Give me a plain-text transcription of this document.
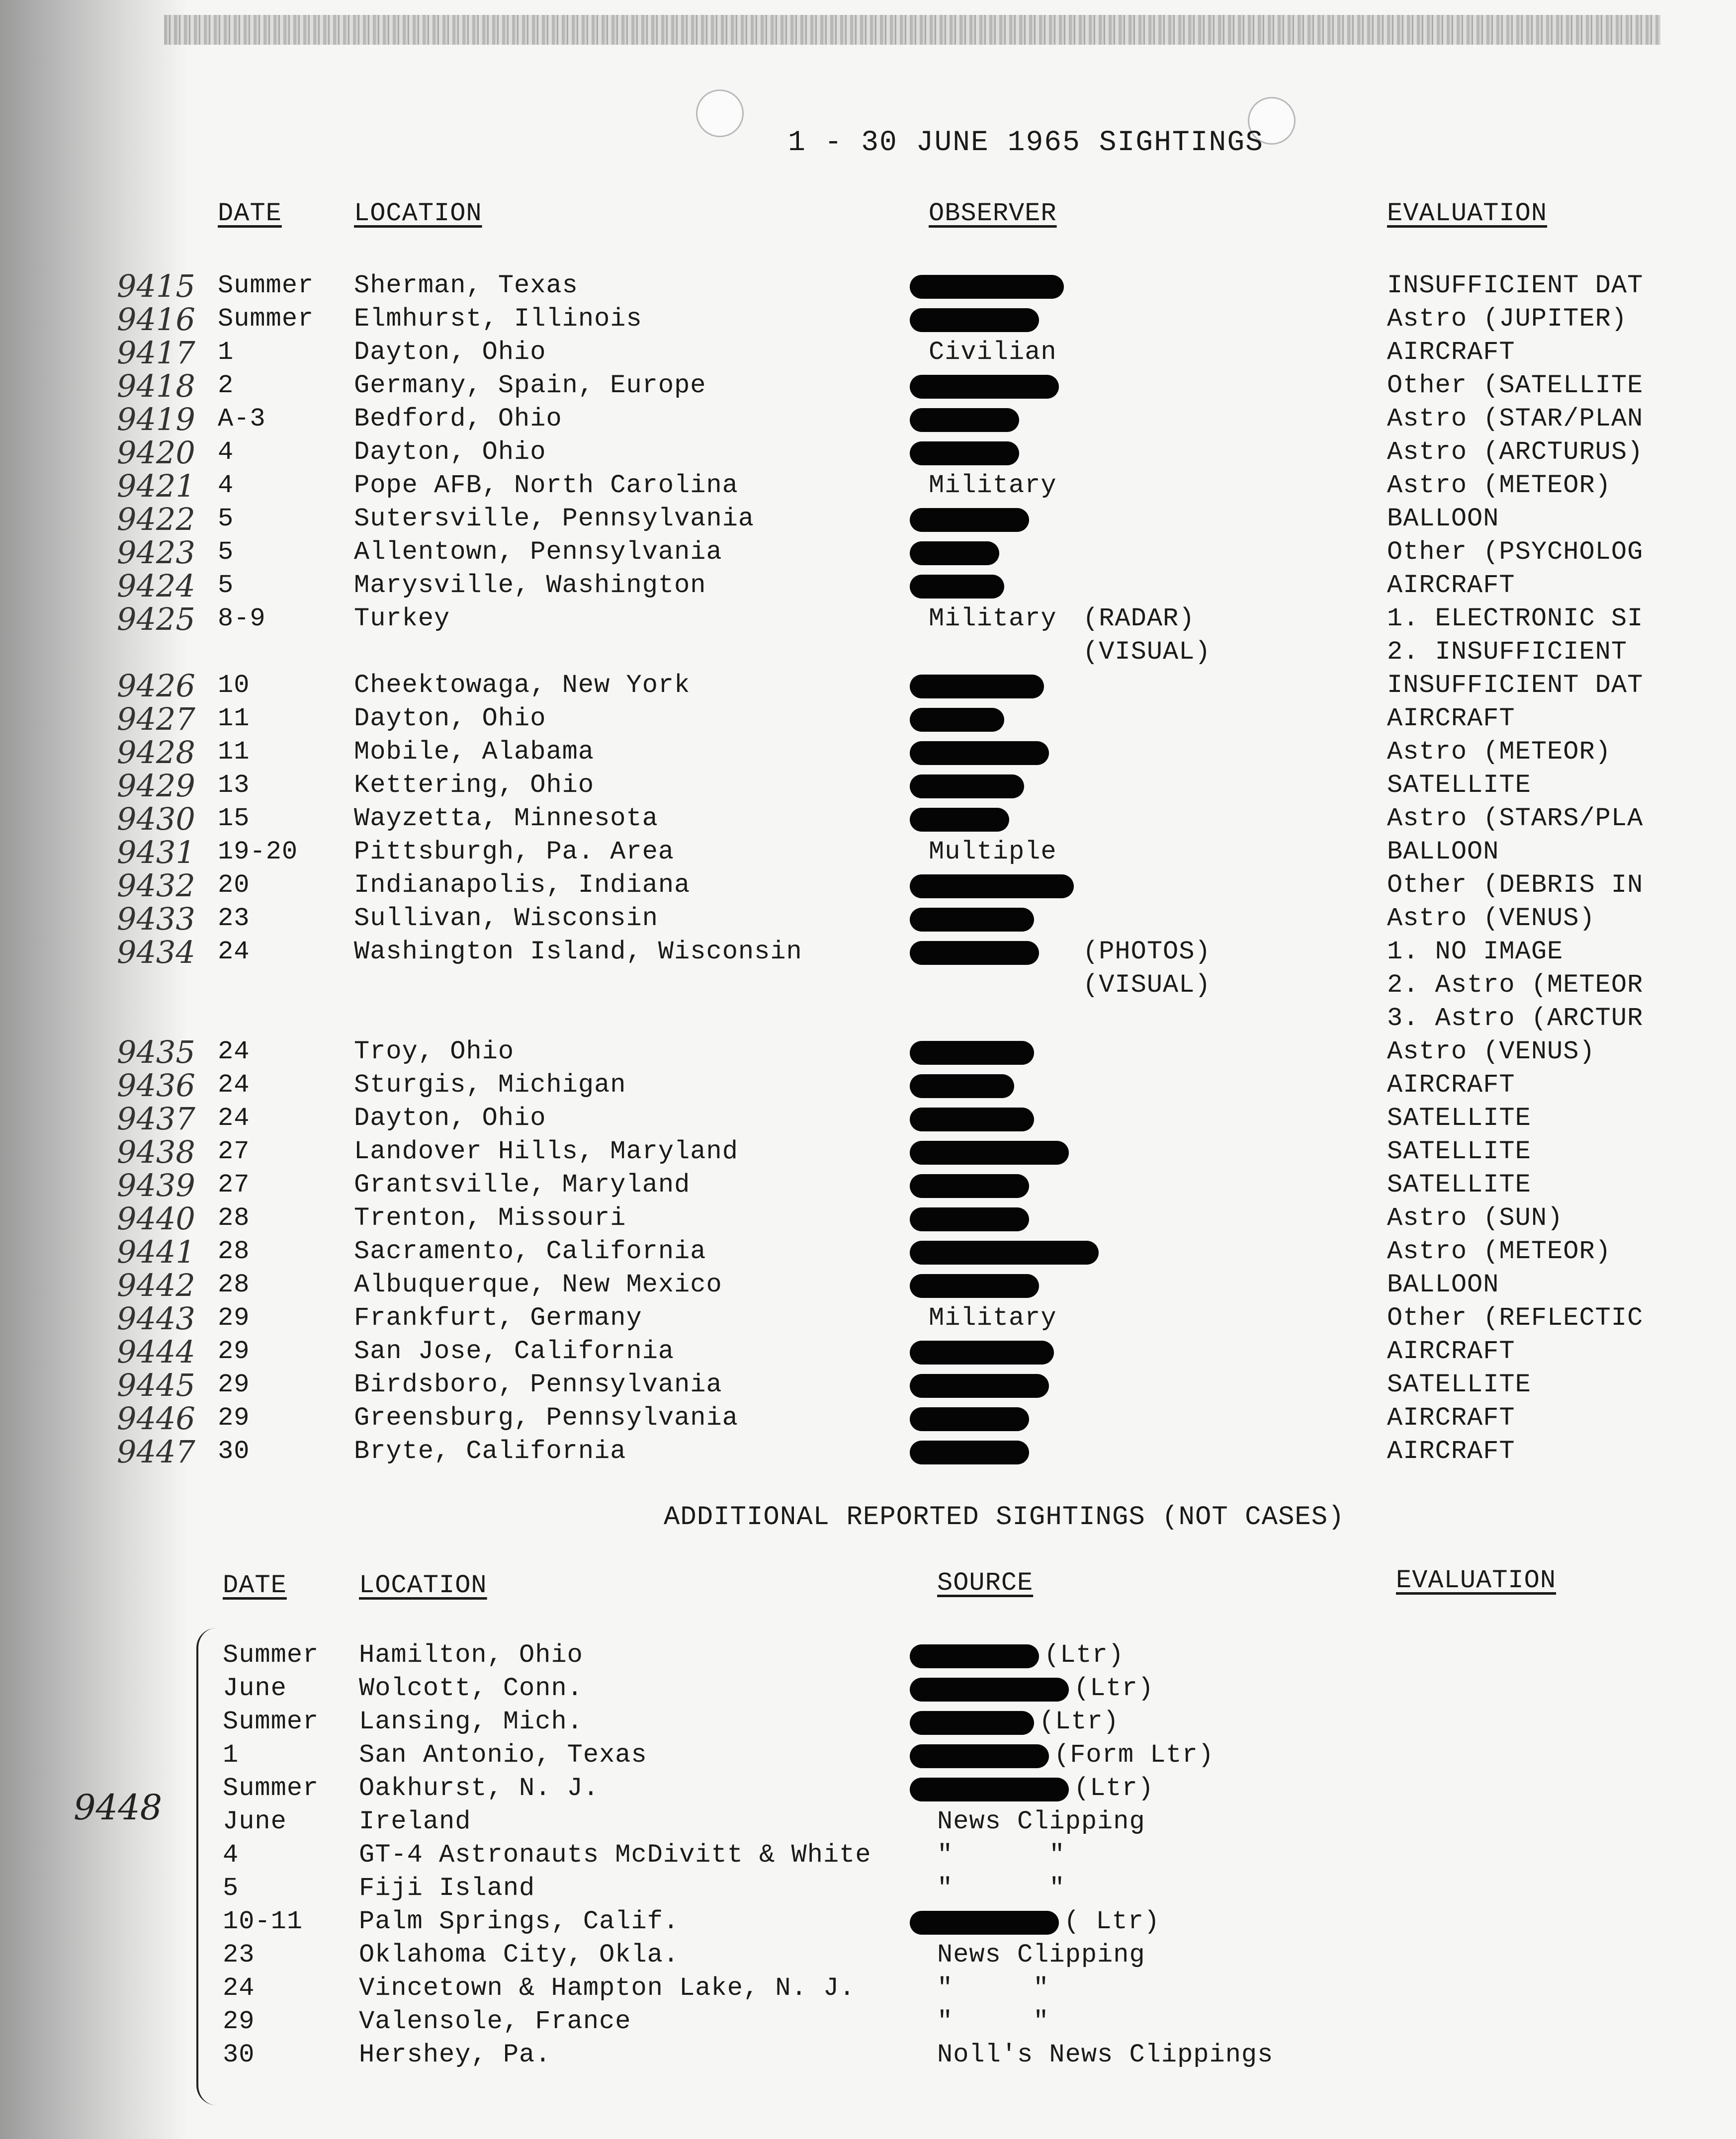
1 - 30 JUNE 1965 SIGHTINGS
DATE	LOCATION	OBSERVER	EVALUATION
9415 Summer Sherman, Texas	INSUFFICIENT DAT
9416 Summer Elmhurst, Illinois	Astro (JUPITER)
9417 1	Dayton, Ohio	Civilian	AIRCRAFT
9418 2	Germany, Spain, Europe	Other (SATELLITE
9419 A-3	Bedford, Ohio	Astro (STAR/PLAN
9420 4	Dayton, Ohio	Astro (ARCTURUS)
9421 4	Pope AFB, North Carolina	Military	Astro (METEOR)
9422 5	Sutersville, Pennsylvania	BALLOON
9423 5	Allentown, Pennsylvania	Other (PSYCHOLOG
9424 5	Marysville, Washington	AIRCRAFT
9425 8-9	Turkey	Military (RADAR)	1. ELECTRONIC SI
(VISUAL)	2. INSUFFICIENT
9426 10	Cheektowaga, New York	INSUFFICIENT DAT
9427 11	Dayton, Ohio	AIRCRAFT
9428 11	Mobile, Alabama	Astro (METEOR)
9429 13	Kettering, Ohio	SATELLITE
9430 15	Wayzetta, Minnesota	Astro (STARS/PLA
9431 19-20 Pittsburgh, Pa. Area	Multiple	BALLOON
9432 20	Indianapolis, Indiana	Other (DEBRIS IN
9433 23	Sullivan, Wisconsin	Astro (VENUS)
9434 24	Washington Island, Wisconsin	(PHOTOS)	1. NO IMAGE
(VISUAL)	2. Astro (METEOR
3. Astro (ARCTUR
9435 24	Troy, Ohio	Astro (VENUS)
9436 24	Sturgis, Michigan	AIRCRAFT
9437 24	Dayton, Ohio	SATELLITE
9438 27	Landover Hills, Maryland	SATELLITE
9439 27	Grantsville, Maryland	SATELLITE
9440 28	Trenton, Missouri	Astro (SUN)
9441 28	Sacramento, California	Astro (METEOR)
9442 28	Albuquerque, New Mexico	BALLOON
9443 29	Frankfurt, Germany	Military	Other (REFLECTIC
9444 29	San Jose, California	AIRCRAFT
9445 29	Birdsboro, Pennsylvania	SATELLITE
9446 29	Greensburg, Pennsylvania	AIRCRAFT
9447 30	Bryte, California	AIRCRAFT
ADDITIONAL REPORTED SIGHTINGS (NOT CASES)
DATE	LOCATION	SOURCE	EVALUATION
9448
Summer Hamilton, Ohio	(Ltr)
June	Wolcott, Conn.	(Ltr)
Summer Lansing, Mich.	(Ltr)
1	San Antonio, Texas	(Form Ltr)
Summer Oakhurst, N. J.	(Ltr)
June	Ireland	News Clipping
4	GT-4 Astronauts McDivitt & White	"      "
5	Fiji Island	"      "
10-11 Palm Springs, Calif.	( Ltr)
23	Oklahoma City, Okla.	News Clipping
24	Vincetown & Hampton Lake, N. J.	"     "
29	Valensole, France	"     "
30	Hershey, Pa.	Noll's News Clippings
